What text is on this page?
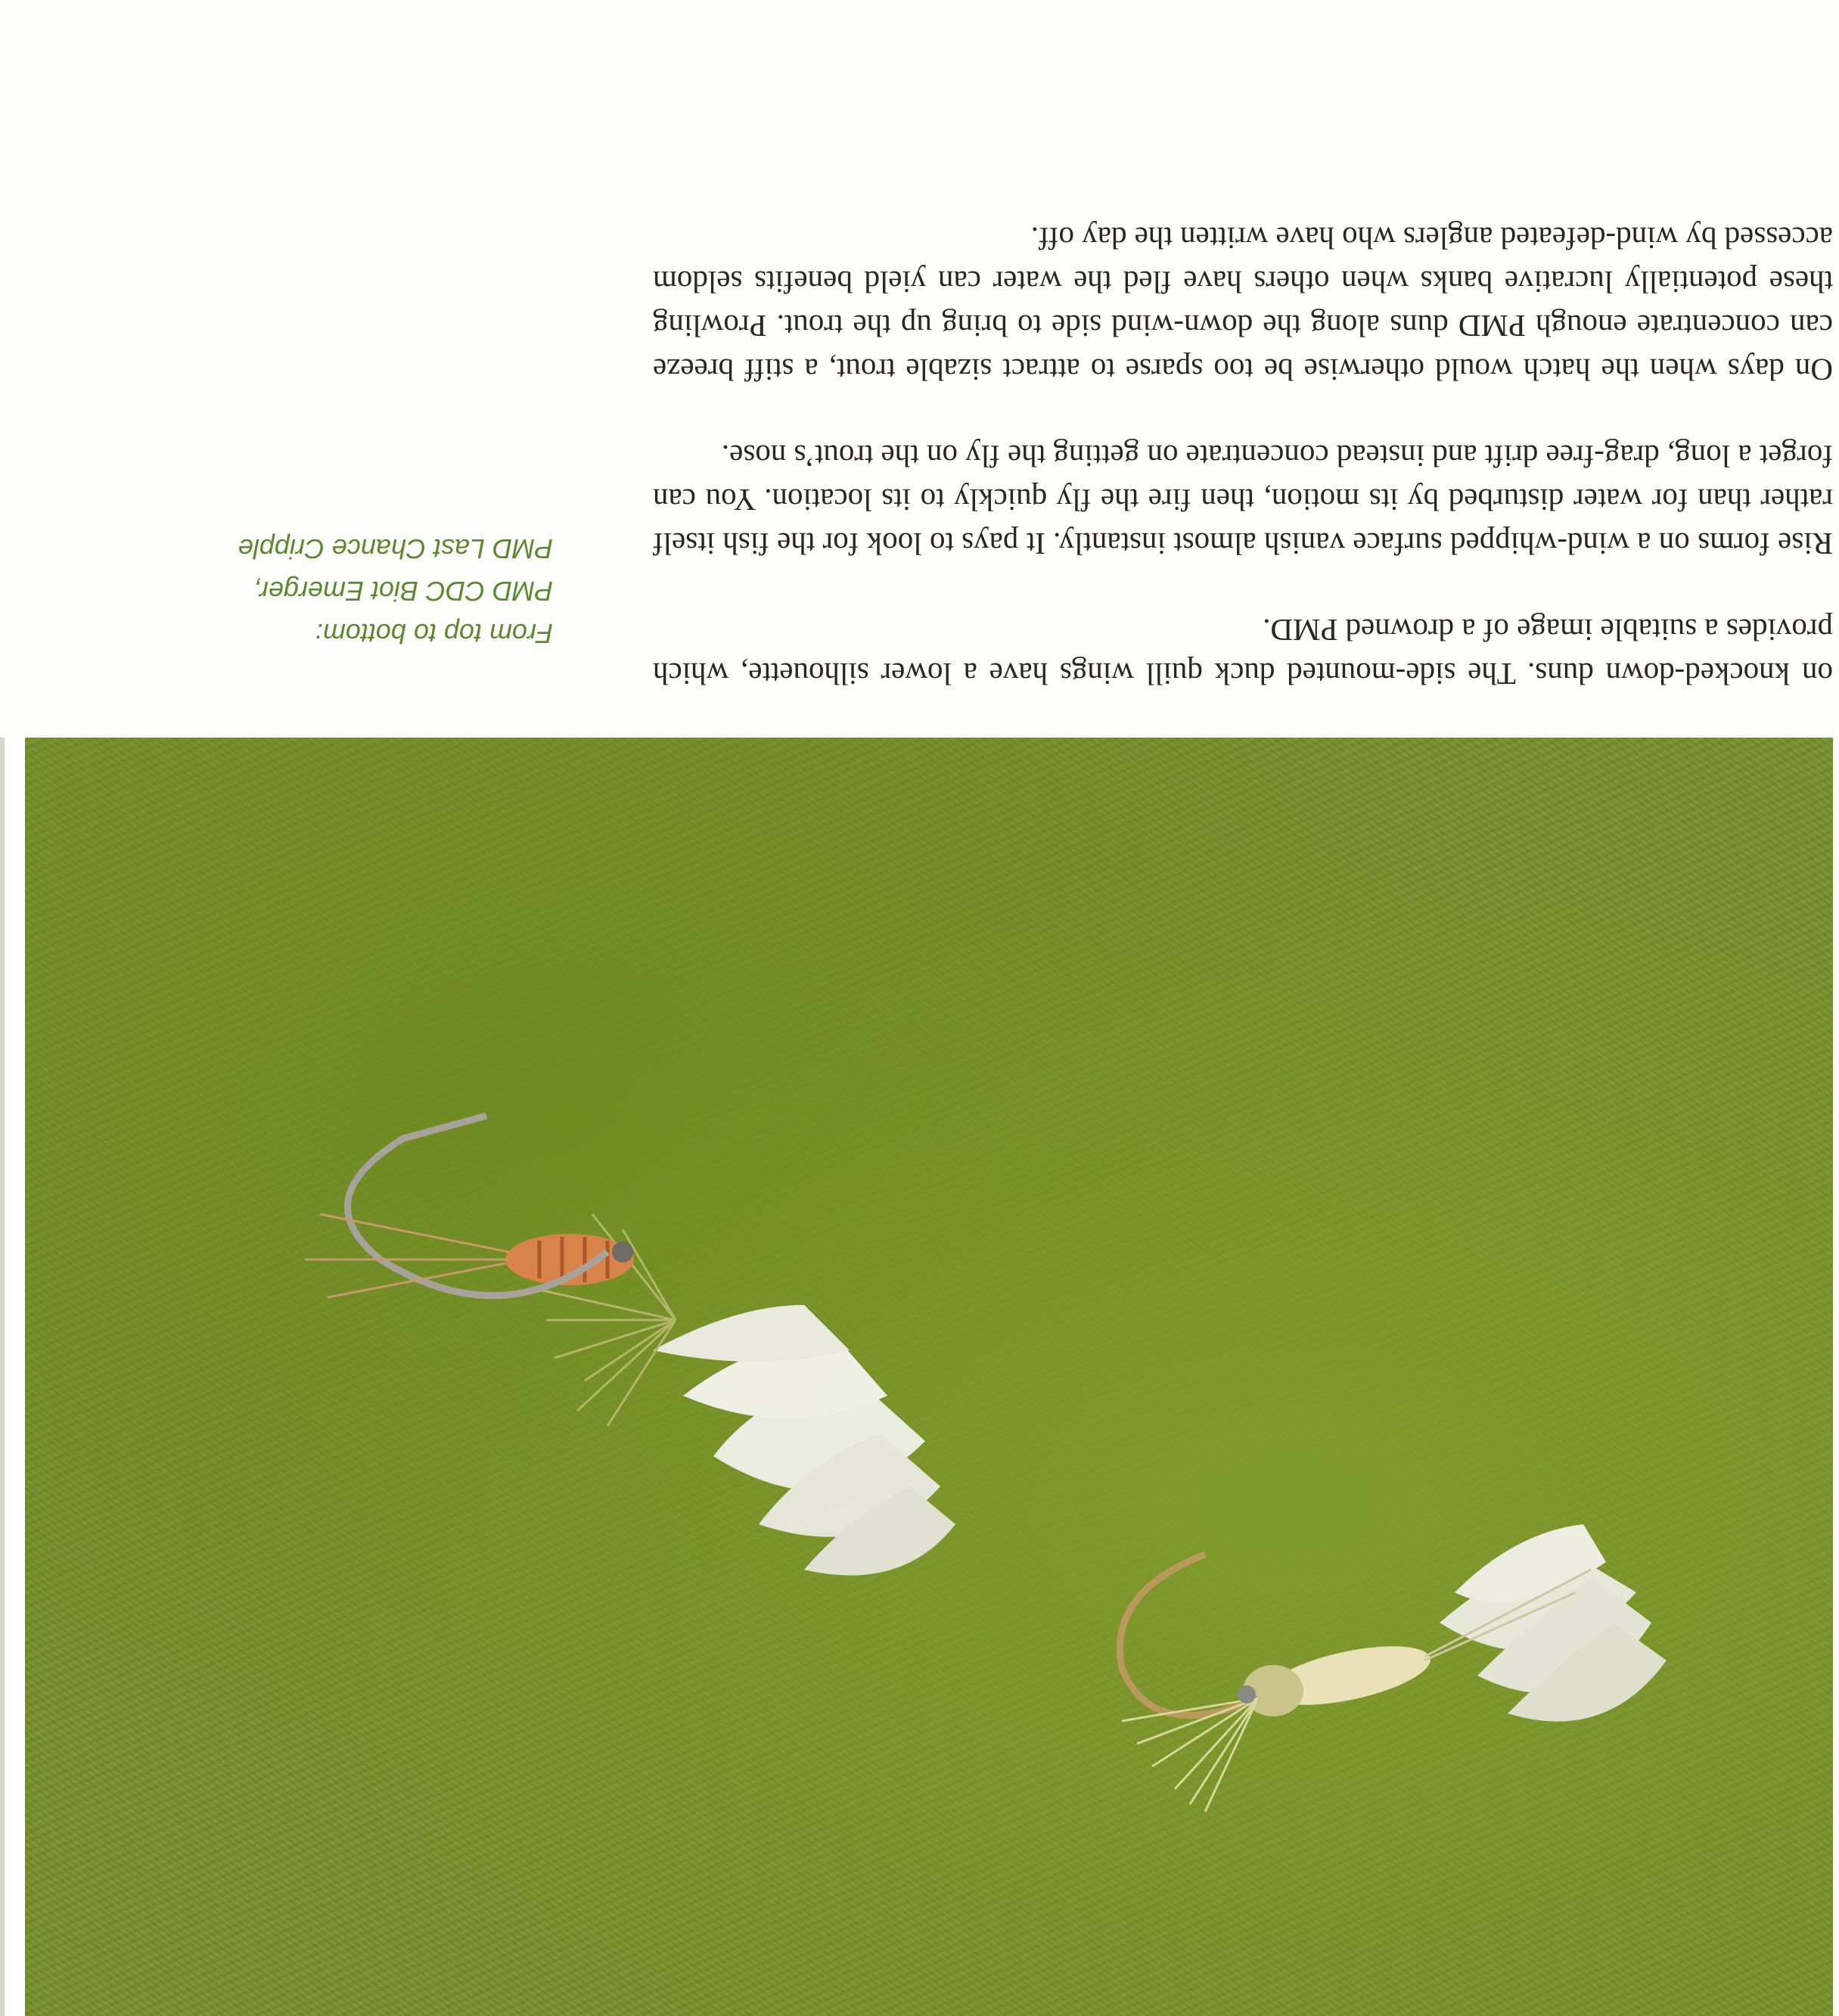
From top to bottom:
PMD CDC Biot Emerger,
PMD Last Chance Cripple

on knocked-down duns. The side-mounted duck quill wings have a lower silhouette, which provides a suitable image of a drowned PMD.

Rise forms on a wind-whipped surface vanish almost instantly. It pays to look for the fish itself rather than for water disturbed by its motion, then fire the fly quickly to its location. You can forget a long, drag-free drift and instead concentrate on getting the fly on the trout’s nose.

On days when the hatch would otherwise be too sparse to attract sizable trout, a stiff breeze can concentrate enough PMD duns along the down-wind side to bring up the trout. Prowling these potentially lucrative banks when others have fled the water can yield benefits seldom accessed by wind-defeated anglers who have written the day off.
